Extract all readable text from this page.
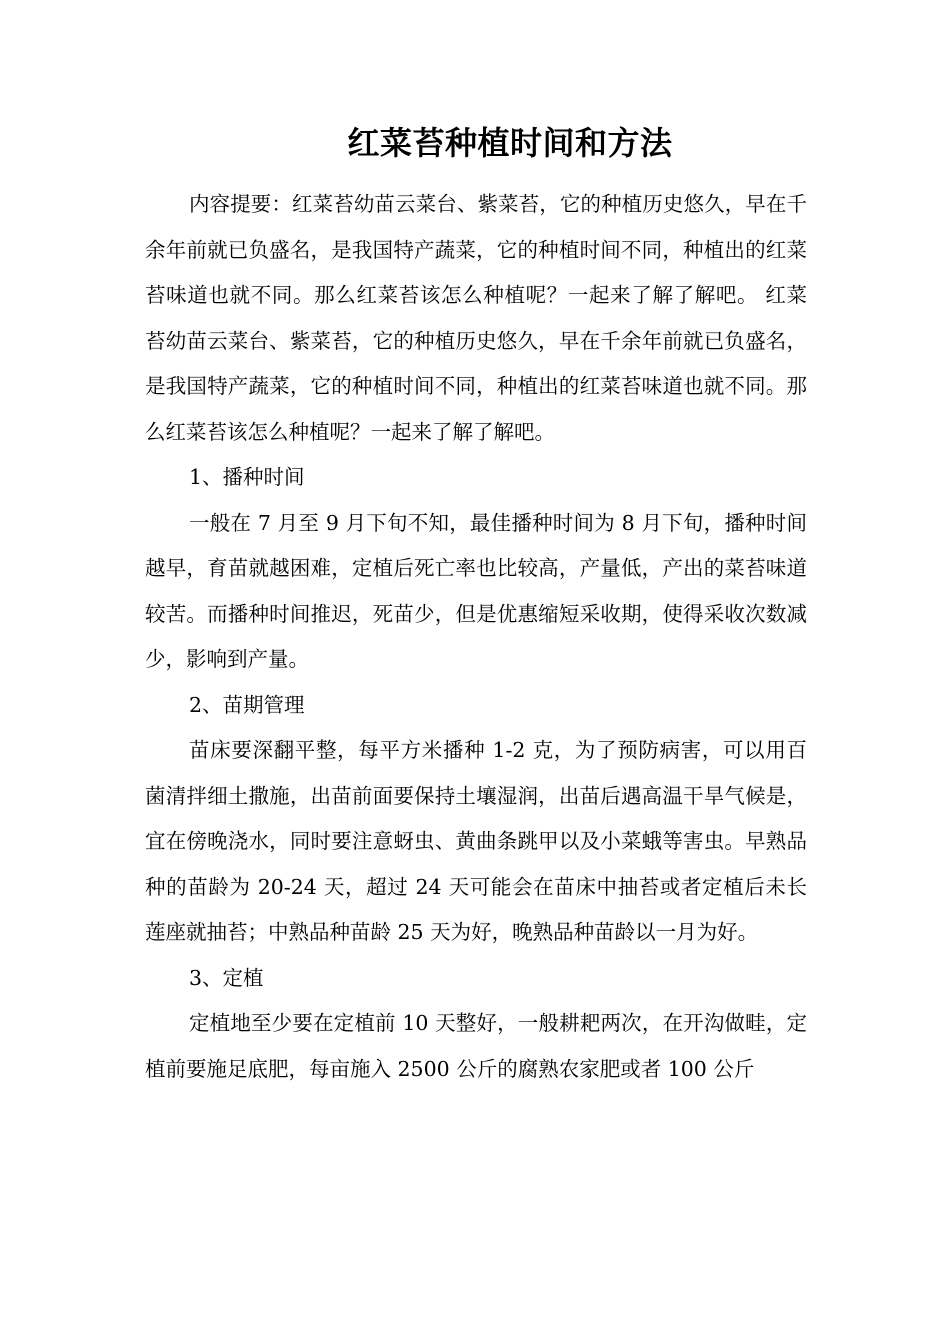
红菜苔种植时间和方法

内容提要：红菜苔幼苗云菜台、紫菜苔，它的种植历史悠久，早在千余年前就已负盛名，是我国特产蔬菜，它的种植时间不同，种植出的红菜苔味道也就不同。那么红菜苔该怎么种植呢？一起来了解了解吧。 红菜苔幼苗云菜台、紫菜苔，它的种植历史悠久，早在千余年前就已负盛名，是我国特产蔬菜，它的种植时间不同，种植出的红菜苔味道也就不同。那么红菜苔该怎么种植呢？一起来了解了解吧。

1、播种时间

一般在 7 月至 9 月下旬不知，最佳播种时间为 8 月下旬，播种时间越早，育苗就越困难，定植后死亡率也比较高，产量低，产出的菜苔味道较苦。而播种时间推迟，死苗少，但是优惠缩短采收期，使得采收次数减少，影响到产量。

2、苗期管理

苗床要深翻平整，每平方米播种 1-2 克，为了预防病害，可以用百菌清拌细土撒施，出苗前面要保持土壤湿润，出苗后遇高温干旱气候是，宜在傍晚浇水，同时要注意蚜虫、黄曲条跳甲以及小菜蛾等害虫。早熟品种的苗龄为 20-24 天，超过 24 天可能会在苗床中抽苔或者定植后未长莲座就抽苔；中熟品种苗龄 25 天为好，晚熟品种苗龄以一月为好。

3、定植

定植地至少要在定植前 10 天整好，一般耕耙两次，在开沟做畦，定植前要施足底肥，每亩施入 2500 公斤的腐熟农家肥或者 100 公斤
